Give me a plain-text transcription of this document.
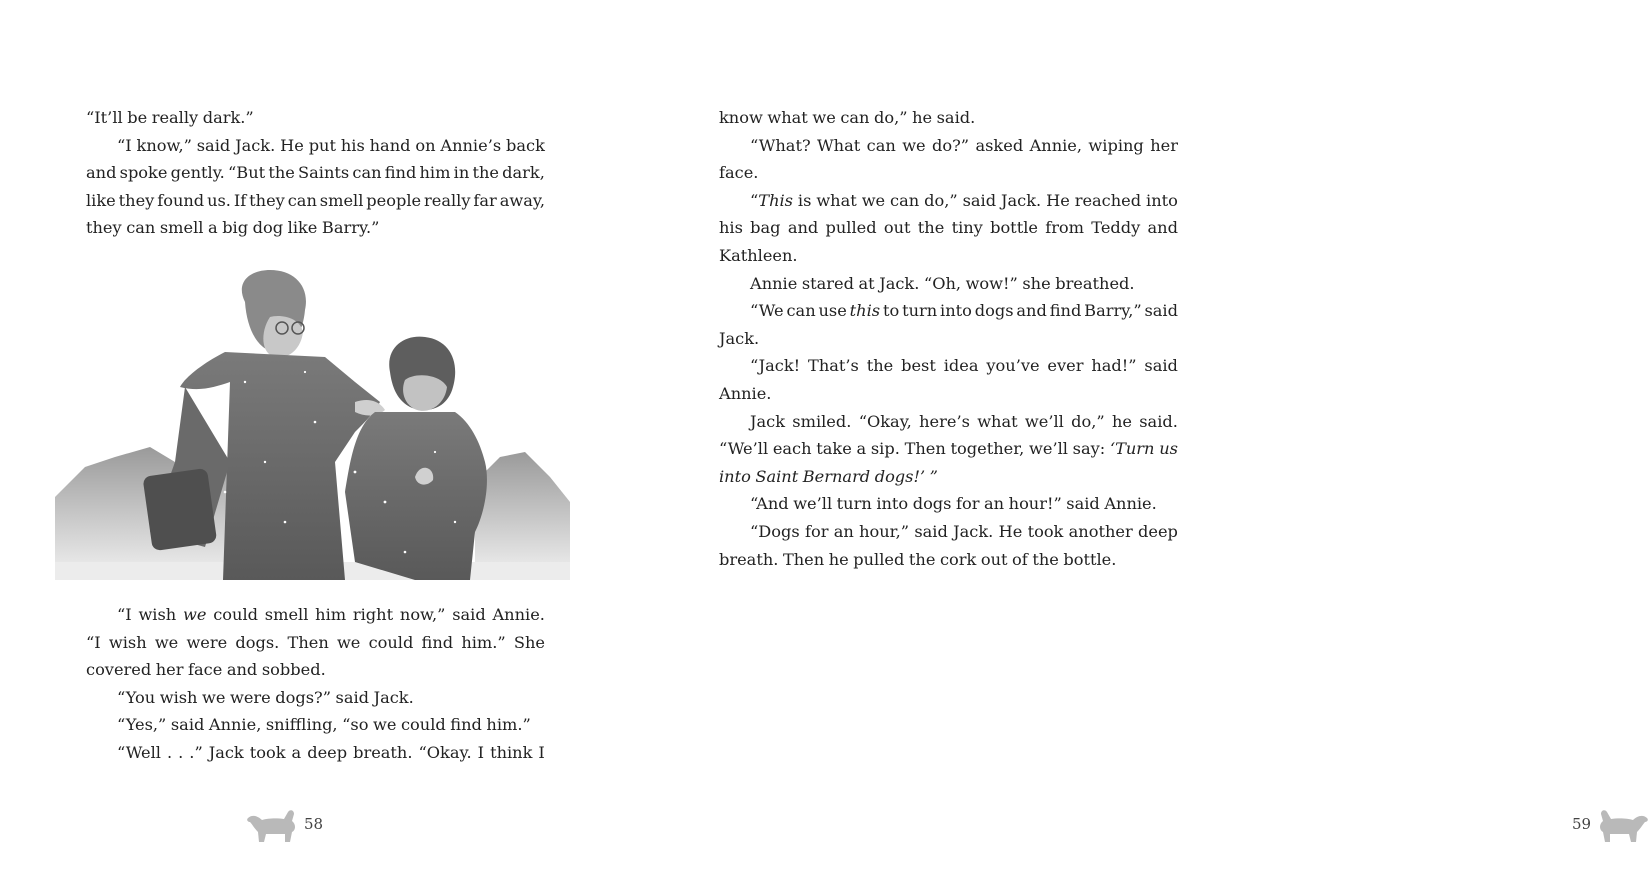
“It’ll be really dark.”
“I know,” said Jack. He put his hand on Annie’s back
and spoke gently. “But the Saints can find him in the dark,
like they found us. If they can smell people really far away,
they can smell a big dog like Barry.”
“I wish we could smell him right now,” said Annie.
“I wish we were dogs. Then we could find him.” She
covered her face and sobbed.
“You wish we were dogs?” said Jack.
“Yes,” said Annie, sniffling, “so we could find him.”
“Well . . .” Jack took a deep breath. “Okay. I think I
58
know what we can do,” he said.
“What? What can we do?” asked Annie, wiping her
face.
“This is what we can do,” said Jack. He reached into
his bag and pulled out the tiny bottle from Teddy and
Kathleen.
Annie stared at Jack. “Oh, wow!” she breathed.
“We can use this to turn into dogs and find Barry,” said
Jack.
“Jack! That’s the best idea you’ve ever had!” said
Annie.
Jack smiled. “Okay, here’s what we’ll do,” he said.
“We’ll each take a sip. Then together, we’ll say: ‘Turn us
into Saint Bernard dogs!’ ”
“And we’ll turn into dogs for an hour!” said Annie.
“Dogs for an hour,” said Jack. He took another deep
breath. Then he pulled the cork out of the bottle.
59
